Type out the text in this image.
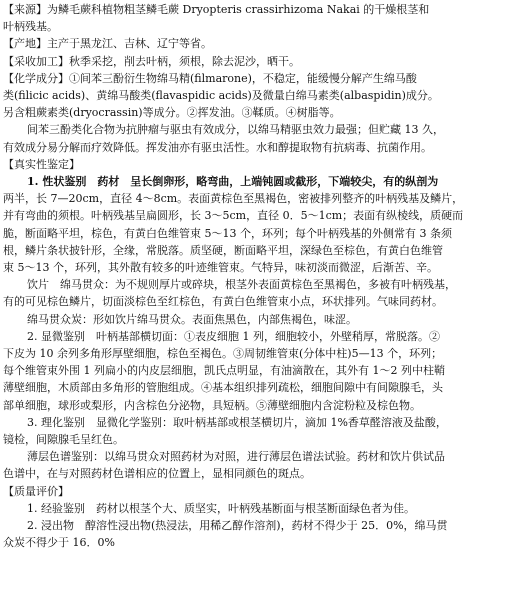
【来源】为鳞毛蕨科植物粗茎鳞毛蕨 Dryopteris crassirhizoma Nakai 的干燥根茎和

叶柄残基。

【产地】主产于黑龙江、吉林、辽宁等省。

【采收加工】秋季采挖，削去叶柄，须根，除去泥沙，晒干。

【化学成分】①间苯三酚衍生物绵马精(filmarone)，不稳定，能缓慢分解产生绵马酸

类(filicic acids)、黄绵马酸类(flavaspidic acids)及微量白绵马素类(albaspidin)成分。

另含粗蕨素类(dryocrassin)等成分。②挥发油。③鞣质。④树脂等。

间苯三酚类化合物为抗肿瘤与驱虫有效成分，以绵马精驱虫效力最强；但贮藏 13 久，

有效成分易分解而疗效降低。挥发油亦有驱虫活性。水和醇提取物有抗病毒、抗菌作用。

【真实性鉴定】

1. 性状鉴别　药材　呈长倒卵形，略弯曲，上端钝圆或截形，下端较尖，有的纵剖为

两半，长 7—20cm，直径 4～8cm。表面黄棕色至黑褐色，密被排列整齐的叶柄残基及鳞片，

并有弯曲的须根。叶柄残基呈扁圆形，长 3～5cm，直径 0．5～1cm；表面有纵棱线，质硬而

脆，断面略平坦，棕色，有黄白色维管束 5～13 个，环列；每个叶柄残基的外侧常有 3 条须

根，鳞片条状披针形，全缘，常脱落。质坚硬，断面略平坦，深绿色至棕色，有黄白色维管

束 5～13 个，环列，其外散有较多的叶迹维管束。气特异，味初淡而微涩，后渐苦、辛。

饮片　绵马贯众：为不规则厚片或碎块，根茎外表面黄棕色至黑褐色，多被有叶柄残基，

有的可见棕色鳞片，切面淡棕色至红棕色，有黄白色维管束小点，环状排列。气味同药材。

绵马贯众炭：形如饮片绵马贯众。表面焦黑色，内部焦褐色，味涩。

2. 显微鉴别　叶柄基部横切面：①表皮细胞 1 列，细胞较小，外壁稍厚，常脱落。②

下皮为 10 余列多角形厚壁细胞，棕色至褐色。③周韧维管束(分体中柱)5—13 个，环列；

每个维管束外围 1 列扁小的内皮层细胞，凯氏点明显，有油滴散在，其外有 1～2 列中柱鞘

薄壁细胞，木质部由多角形的管胞组成。④基本组织排列疏松，细胞间隙中有间隙腺毛，头

部单细胞，球形或梨形，内含棕色分泌物，具短柄。⑤薄壁细胞内含淀粉粒及棕色物。

3. 理化鉴别　显微化学鉴别：取叶柄基部或根茎横切片，滴加 1%香草醛溶液及盐酸，

镜检，间隙腺毛呈红色。

薄层色谱鉴别：以绵马贯众对照药材为对照，进行薄层色谱法试验。药材和饮片供试品

色谱中，在与对照药材色谱相应的位置上，显相同颜色的斑点。

【质量评价】

1. 经验鉴别　药材以根茎个大、质坚实，叶柄残基断面与根茎断面绿色者为佳。

2. 浸出物　醇溶性浸出物(热浸法，用稀乙醇作溶剂)，药材不得少于 25．0%，绵马贯

众炭不得少于 16．0%
